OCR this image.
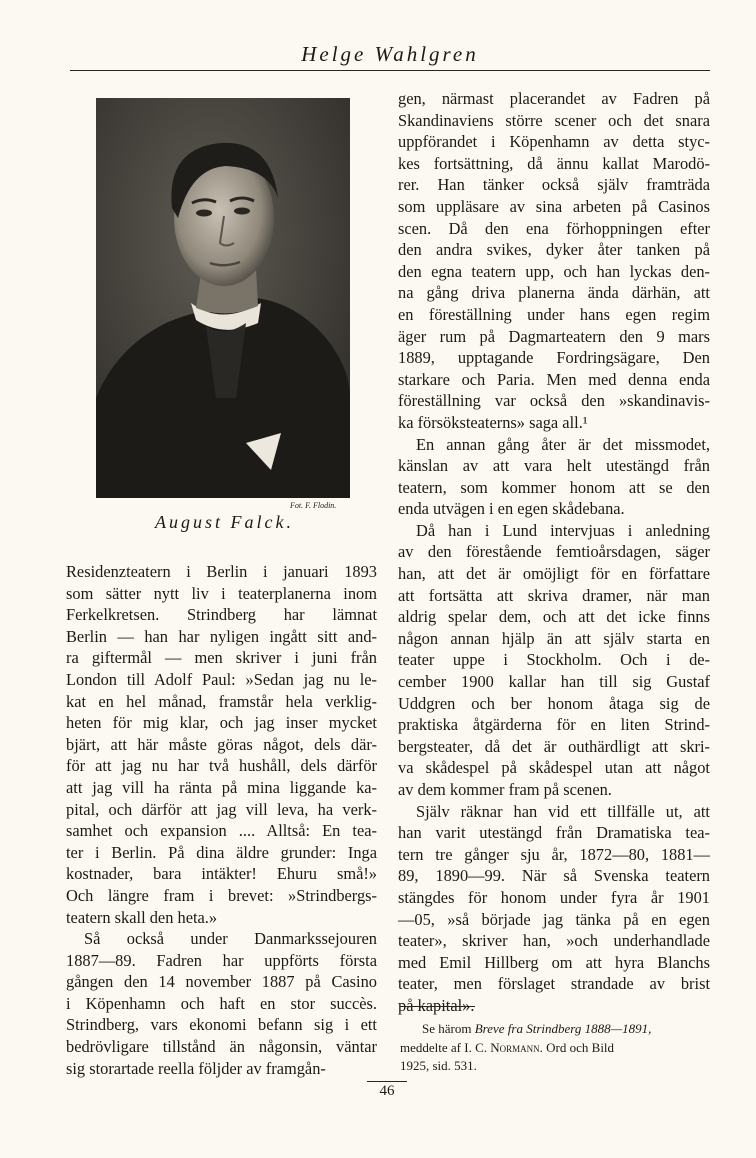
Helge Wahlgren
Fot. F. Flodin.
August Falck.
Residenzteatern i Berlin i januari 1893
som sätter nytt liv i teaterplanerna inom
Ferkelkretsen. Strindberg har lämnat
Berlin — han har nyligen ingått sitt and-
ra giftermål — men skriver i juni från
London till Adolf Paul: »Sedan jag nu le-
kat en hel månad, framstår hela verklig-
heten för mig klar, och jag inser mycket
bjärt, att här måste göras något, dels där-
för att jag nu har två hushåll, dels därför
att jag vill ha ränta på mina liggande ka-
pital, och därför att jag vill leva, ha verk-
samhet och expansion .... Alltså: En tea-
ter i Berlin. På dina äldre grunder: Inga
kostnader, bara intäkter! Ehuru små!»
Och längre fram i brevet: »Strindbergs-
teatern skall den heta.»
Så också under Danmarkssejouren
1887—89. Fadren har uppförts första
gången den 14 november 1887 på Casino
i Köpenhamn och haft en stor succès.
Strindberg, vars ekonomi befann sig i ett
bedrövligare tillstånd än någonsin, väntar
sig storartade reella följder av framgån-
gen, närmast placerandet av Fadren på
Skandinaviens större scener och det snara
uppförandet i Köpenhamn av detta styc-
kes fortsättning, då ännu kallat Marodö-
rer. Han tänker också själv framträda
som uppläsare av sina arbeten på Casinos
scen. Då den ena förhoppningen efter
den andra svikes, dyker åter tanken på
den egna teatern upp, och han lyckas den-
na gång driva planerna ända därhän, att
en föreställning under hans egen regim
äger rum på Dagmarteatern den 9 mars
1889, upptagande Fordringsägare, Den
starkare och Paria. Men med denna enda
föreställning var också den »skandinavis-
ka försöksteaterns» saga all.¹
En annan gång åter är det missmodet,
känslan av att vara helt utestängd från
teatern, som kommer honom att se den
enda utvägen i en egen skådebana.
Då han i Lund intervjuas i anledning
av den förestående femtioårsdagen, säger
han, att det är omöjligt för en författare
att fortsätta att skriva dramer, när man
aldrig spelar dem, och att det icke finns
någon annan hjälp än att själv starta en
teater uppe i Stockholm. Och i de-
cember 1900 kallar han till sig Gustaf
Uddgren och ber honom åtaga sig de
praktiska åtgärderna för en liten Strind-
bergsteater, då det är outhärdligt att skri-
va skådespel på skådespel utan att något
av dem kommer fram på scenen.
Själv räknar han vid ett tillfälle ut, att
han varit utestängd från Dramatiska tea-
tern tre gånger sju år, 1872—80, 1881—
89, 1890—99. När så Svenska teatern
stängdes för honom under fyra år 1901
—05, »så började jag tänka på en egen
teater», skriver han, »och underhandlade
med Emil Hillberg om att hyra Blanchs
teater, men förslaget strandade av brist
på kapital».
Se härom Breve fra Strindberg 1888—1891,
meddelte af I. C. Normann. Ord och Bild
1925, sid. 531.
46
